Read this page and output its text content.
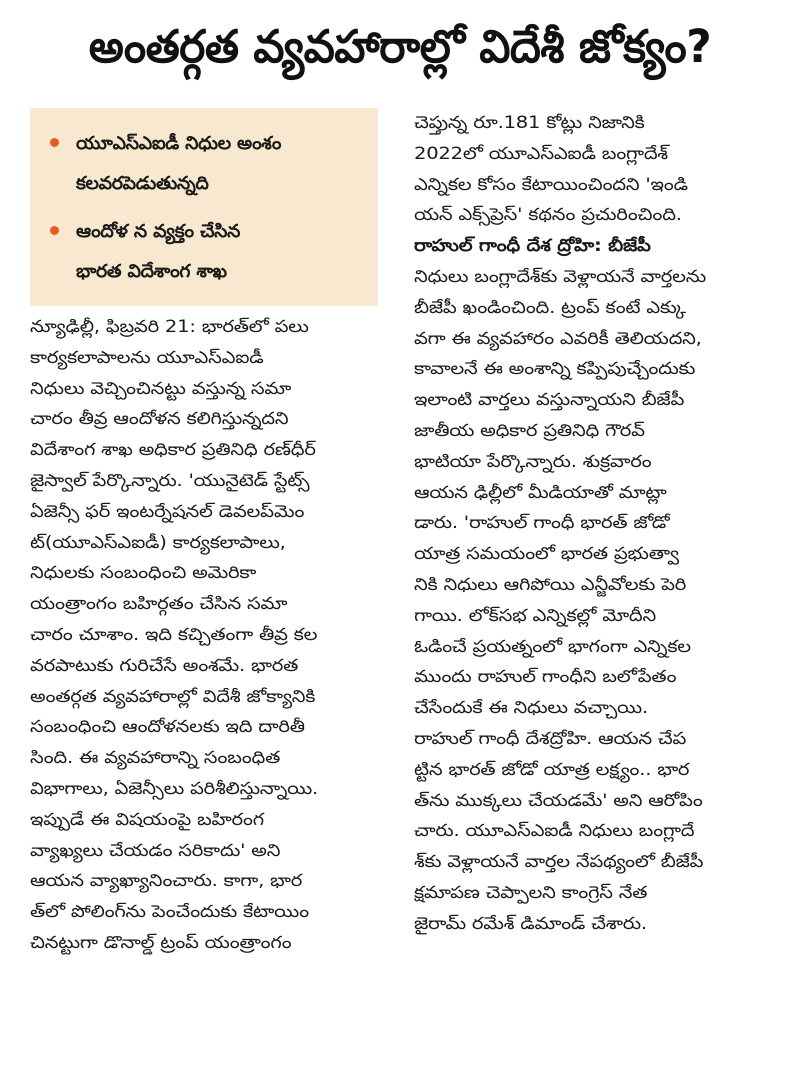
అంతర్గత వ్యవహారాల్లో విదేశీ జోక్యం?
యూఎస్ఎఐడీ నిధుల అంశం
కలవరపెడుతున్నది
ఆందోళ న వ్యక్తం చేసిన
భారత విదేశాంగ శాఖ
న్యూఢిల్లీ, ఫిబ్రవరి 21: భారత్‌లో పలు
కార్యకలాపాలను యూఎస్ఎఐడీ
నిధులు వెచ్చించినట్టు వస్తున్న సమా
చారం తీవ్ర ఆందోళన కలిగిస్తున్నదని
విదేశాంగ శాఖ అధికార ప్రతినిధి రణ్‌ధీర్
జైస్వాల్ పేర్కొన్నారు. 'యునైటెడ్ స్టేట్స్
ఏజెన్సీ ఫర్ ఇంటర్నేషనల్ డెవలప్‌మెం
ట్(యూఎస్ఎఐడీ) కార్యకలాపాలు,
నిధులకు సంబంధించి అమెరికా
యంత్రాంగం బహిర్గతం చేసిన సమా
చారం చూశాం. ఇది కచ్చితంగా తీవ్ర కల
వరపాటుకు గురిచేసే అంశమే. భారత
అంతర్గత వ్యవహారాల్లో విదేశీ జోక్యానికి
సంబంధించి ఆందోళనలకు ఇది దారితీ
సింది. ఈ వ్యవహారాన్ని సంబంధిత
విభాగాలు, ఏజెన్సీలు పరిశీలిస్తున్నాయి.
ఇప్పుడే ఈ విషయంపై బహిరంగ
వ్యాఖ్యలు చేయడం సరికాదు' అని
ఆయన వ్యాఖ్యానించారు. కాగా, భార
త్‌లో పోలింగ్‌ను పెంచేందుకు కేటాయిం
చినట్టుగా డొనాల్డ్ ట్రంప్ యంత్రాంగం
చెప్తున్న రూ.181 కోట్లు నిజానికి
2022లో యూఎస్ఎఐడీ బంగ్లాదేశ్
ఎన్నికల కోసం కేటాయించిందని 'ఇండి
యన్ ఎక్స్‌ప్రెస్' కథనం ప్రచురించింది.
రాహుల్ గాంధీ దేశ ద్రోహి: బీజేపీ
నిధులు బంగ్లాదేశ్‌కు వెళ్లాయనే వార్తలను
బీజేపీ ఖండించింది. ట్రంప్ కంటే ఎక్కు
వగా ఈ వ్యవహారం ఎవరికీ తెలియదని,
కావాలనే ఈ అంశాన్ని కప్పిపుచ్చేందుకు
ఇలాంటి వార్తలు వస్తున్నాయని బీజేపీ
జాతీయ అధికార ప్రతినిధి గౌరవ్
భాటియా పేర్కొన్నారు. శుక్రవారం
ఆయన ఢిల్లీలో మీడియాతో మాట్లా
డారు. 'రాహుల్ గాంధీ భారత్ జోడో
యాత్ర సమయంలో భారత ప్రభుత్వా
నికి నిధులు ఆగిపోయి ఎన్జీవోలకు పెరి
గాయి. లోక్‌సభ ఎన్నికల్లో మోదీని
ఓడించే ప్రయత్నంలో భాగంగా ఎన్నికల
ముందు రాహుల్ గాంధీని బలోపేతం
చేసేందుకే ఈ నిధులు వచ్చాయి.
రాహుల్ గాంధీ దేశద్రోహి. ఆయన చేప
ట్టిన భారత్ జోడో యాత్ర లక్ష్యం.. భార
త్‌ను ముక్కలు చేయడమే' అని ఆరోపిం
చారు. యూఎస్ఎఐడీ నిధులు బంగ్లాదే
శ్‌కు వెళ్లాయనే వార్తల నేపథ్యంలో బీజేపీ
క్షమాపణ చెప్పాలని కాంగ్రెస్ నేత
జైరామ్ రమేశ్ డిమాండ్ చేశారు.
